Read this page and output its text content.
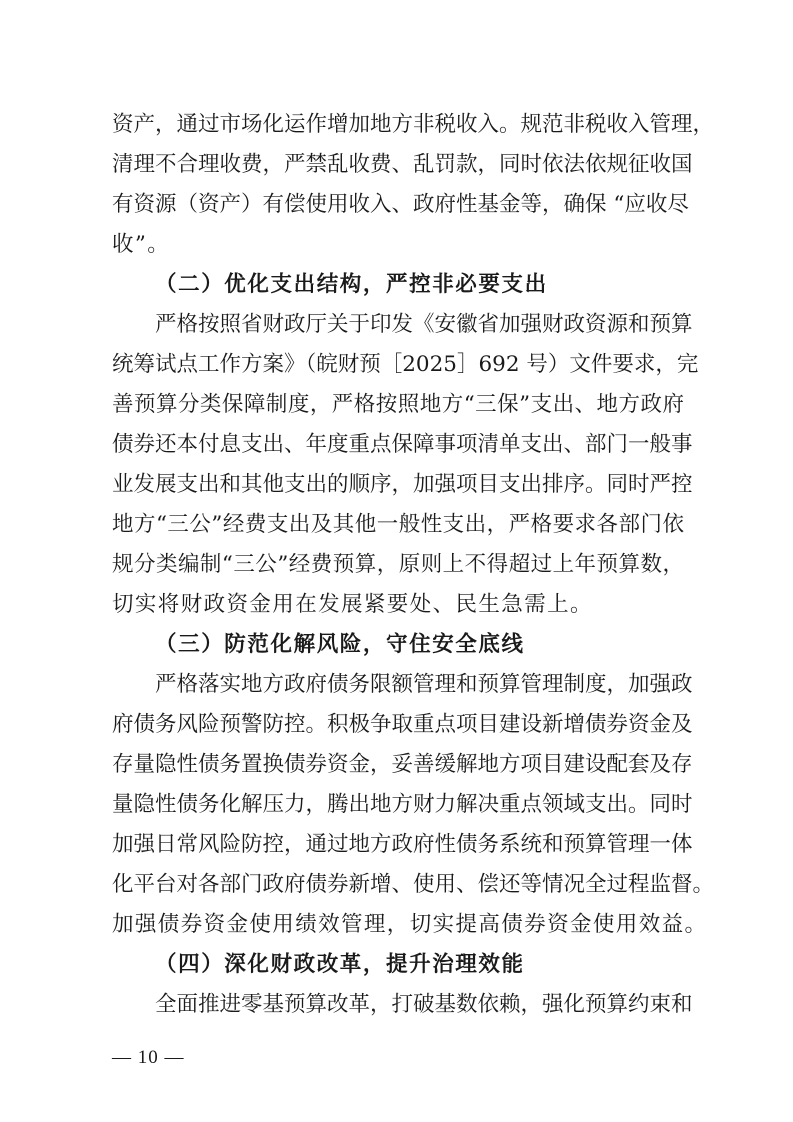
资产，通过市场化运作增加地方非税收入。规范非税收入管理，
清理不合理收费，严禁乱收费、乱罚款，同时依法依规征收国
有资源（资产）有偿使用收入、政府性基金等，确保 “应收尽
收”。
（二）优化支出结构，严控非必要支出
严格按照省财政厅关于印发《安徽省加强财政资源和预算
统筹试点工作方案》（皖财预［2025］692 号）文件要求，完
善预算分类保障制度，严格按照地方“三保”支出、地方政府
债券还本付息支出、年度重点保障事项清单支出、部门一般事
业发展支出和其他支出的顺序，加强项目支出排序。同时严控
地方“三公”经费支出及其他一般性支出，严格要求各部门依
规分类编制“三公”经费预算，原则上不得超过上年预算数，
切实将财政资金用在发展紧要处、民生急需上。
（三）防范化解风险，守住安全底线
严格落实地方政府债务限额管理和预算管理制度，加强政
府债务风险预警防控。积极争取重点项目建设新增债券资金及
存量隐性债务置换债券资金，妥善缓解地方项目建设配套及存
量隐性债务化解压力，腾出地方财力解决重点领域支出。同时
加强日常风险防控，通过地方政府性债务系统和预算管理一体
化平台对各部门政府债券新增、使用、偿还等情况全过程监督。
加强债券资金使用绩效管理，切实提高债券资金使用效益。
（四）深化财政改革，提升治理效能
全面推进零基预算改革，打破基数依赖，强化预算约束和
— 10 —
